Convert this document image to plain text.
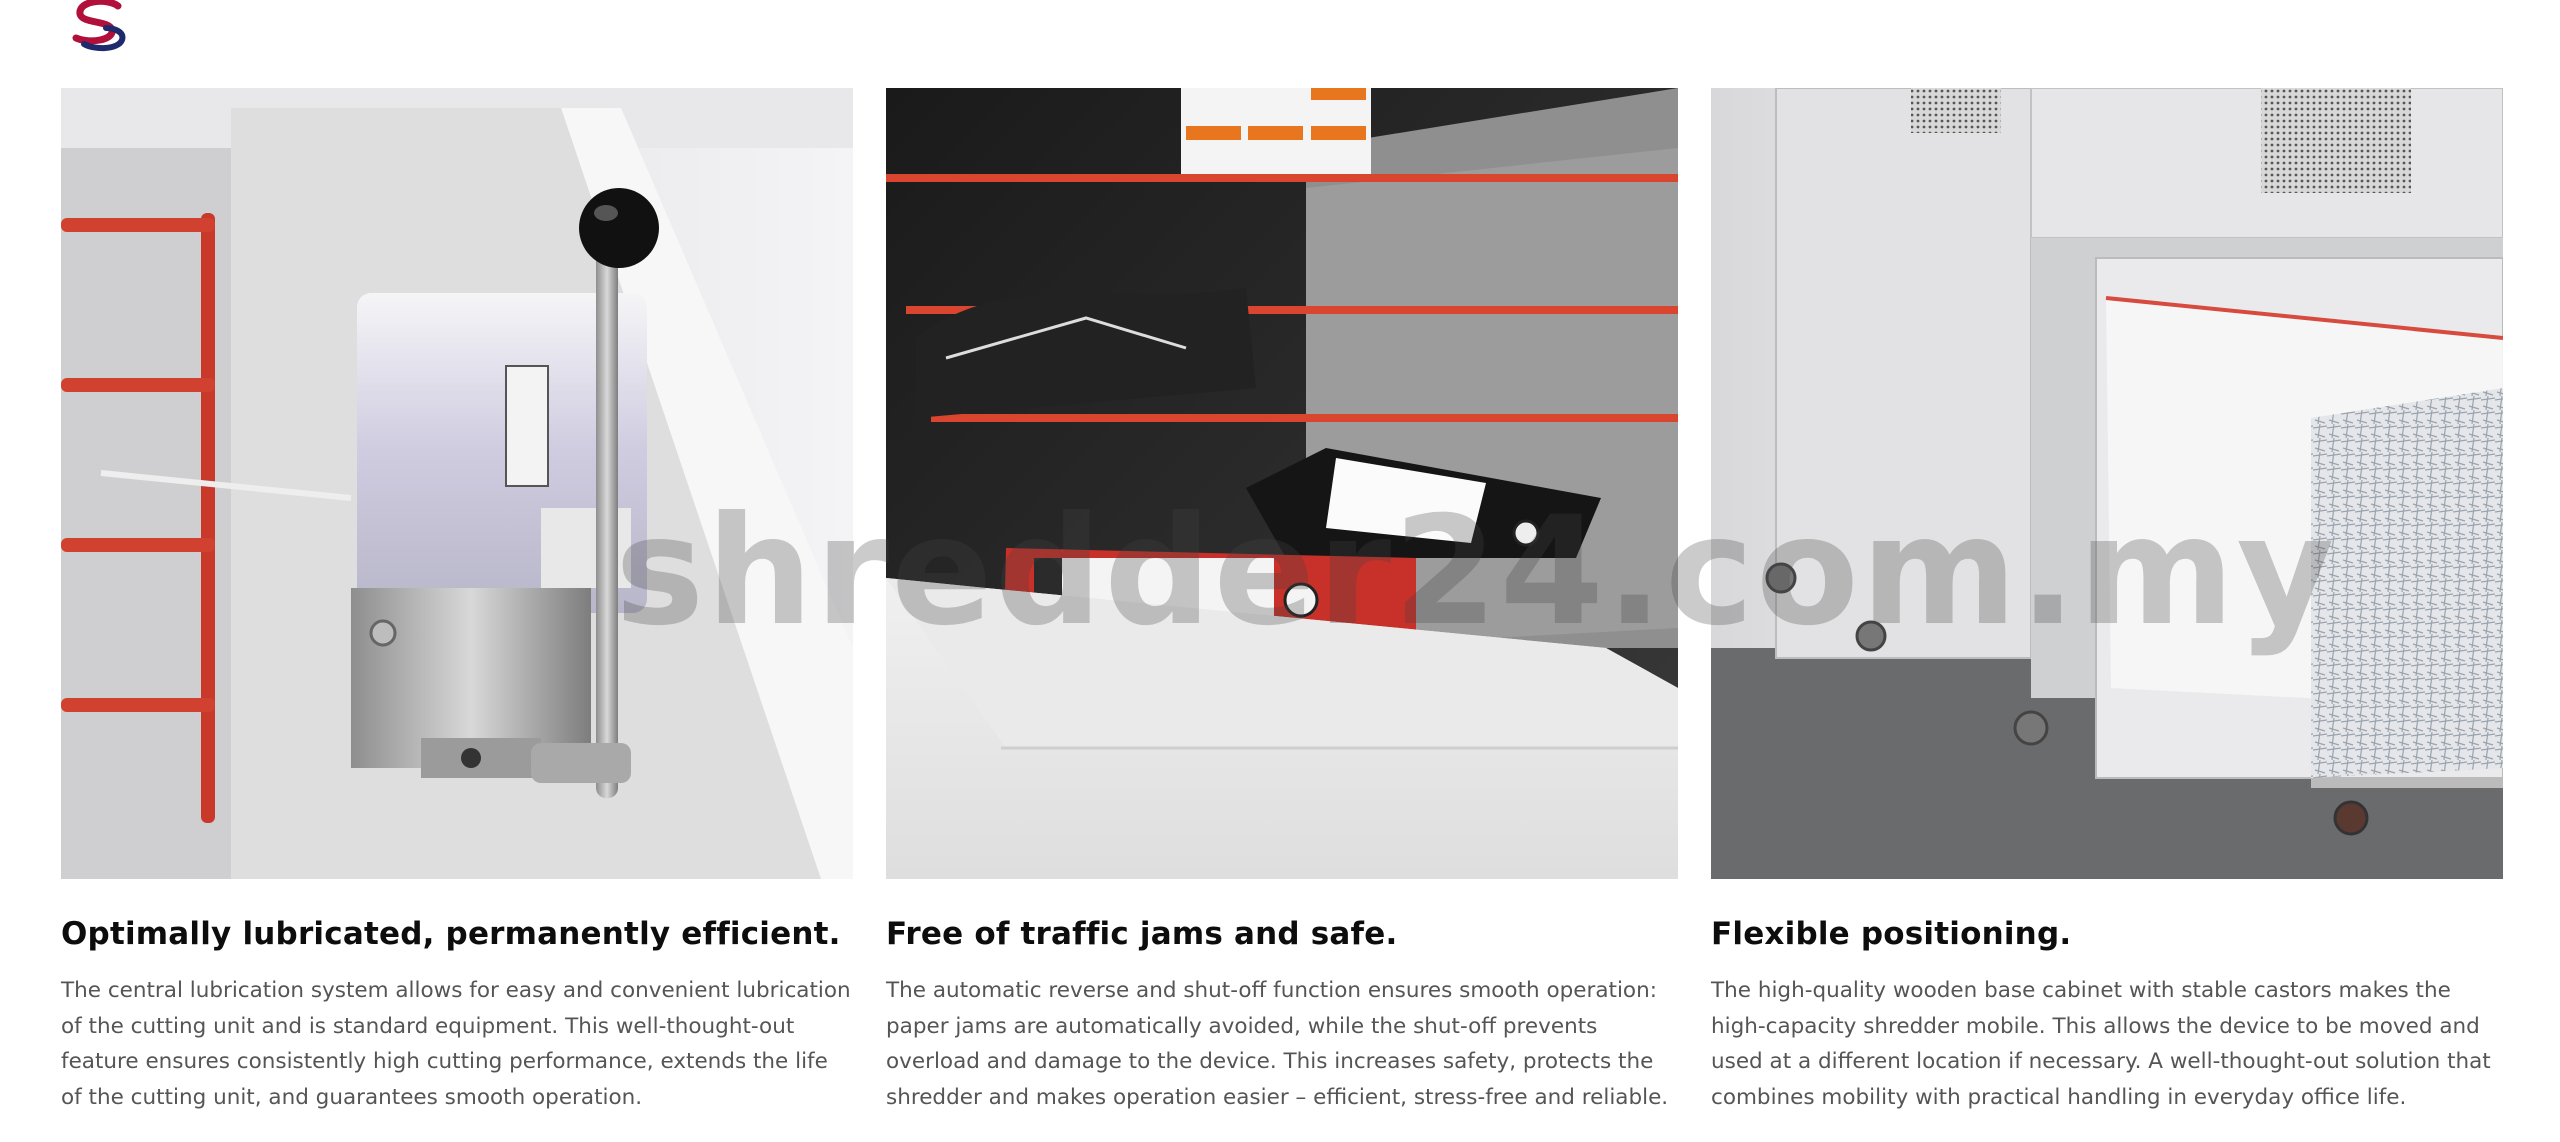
Optimally lubricated, permanently efficient.

The central lubrication system allows for easy and convenient lubrication of the cutting unit and is standard equipment. This well-thought-out feature ensures consistently high cutting performance, extends the life of the cutting unit, and guarantees smooth operation.

Free of traffic jams and safe.

The automatic reverse and shut-off function ensures smooth operation: paper jams are automatically avoided, while the shut-off prevents overload and damage to the device. This increases safety, protects the shredder and makes operation easier – efficient, stress-free and reliable.

Flexible positioning.

The high-quality wooden base cabinet with stable castors makes the high-capacity shredder mobile. This allows the device to be moved and used at a different location if necessary. A well-thought-out solution that combines mobility with practical handling in everyday office life.

shredder24.com.my
